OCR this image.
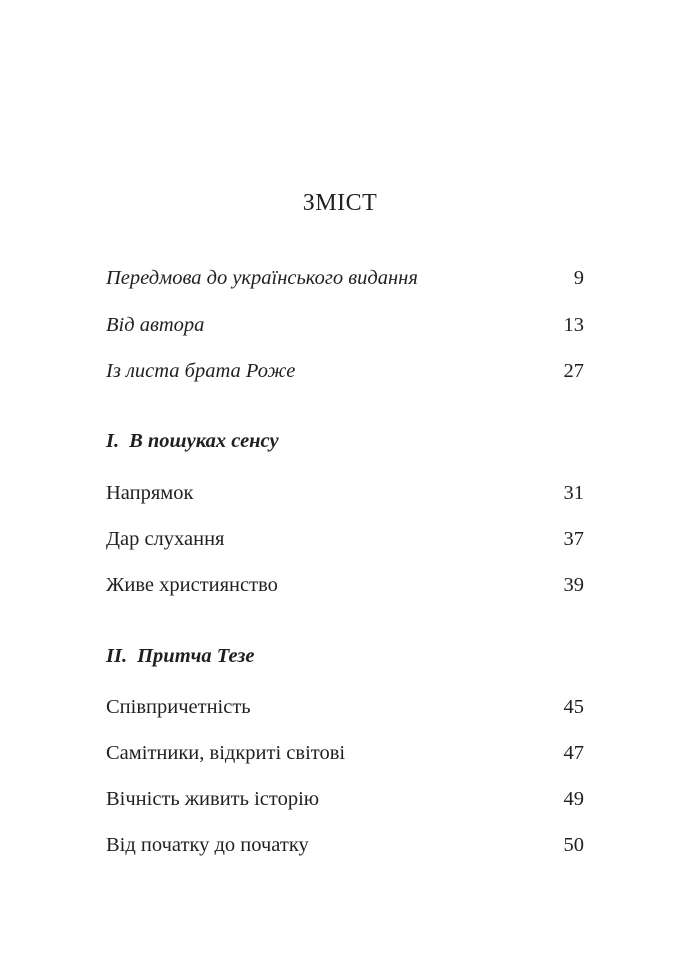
ЗМІСТ
Передмова до українського видання	9
Від автора	13
Із листа брата Роже	27
I. В пошуках сенсу
Напрямок	31
Дар слухання	37
Живе християнство	39
II. Притча Тезе
Співпричетність	45
Самітники, відкриті світові	47
Вічність живить історію	49
Від початку до початку	50
